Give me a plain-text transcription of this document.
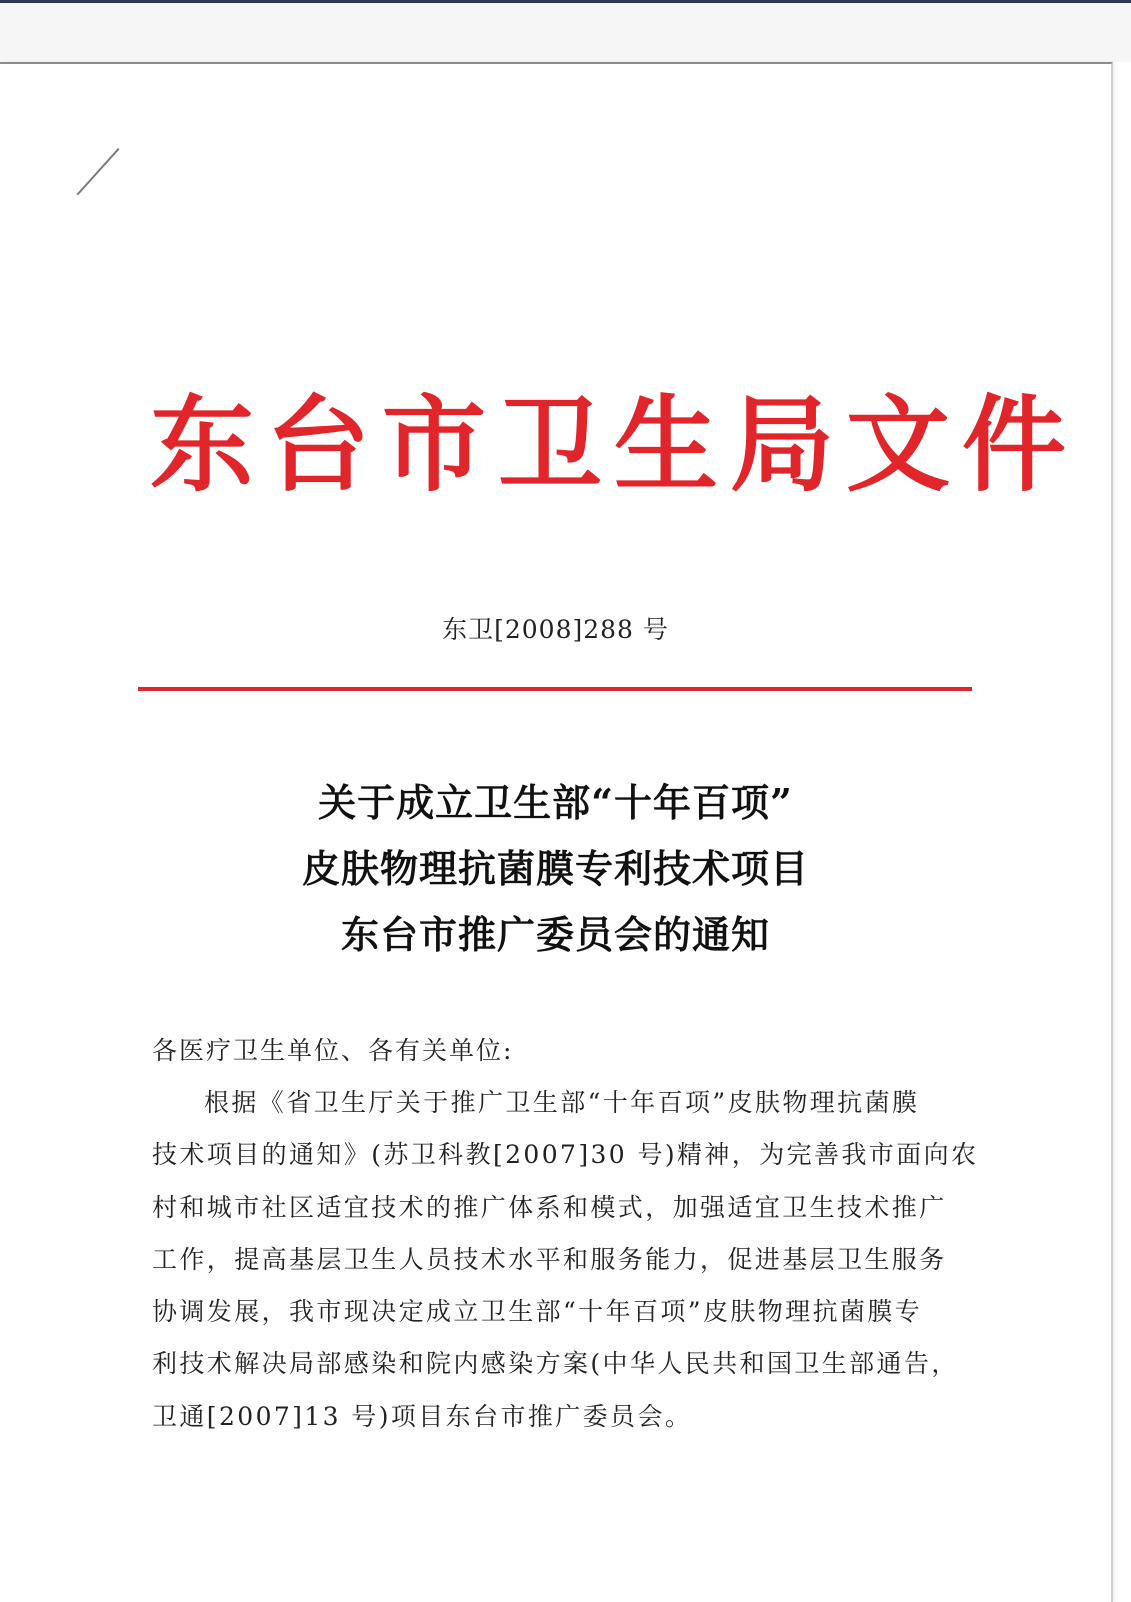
东台市卫生局文件
东卫[2008]288 号
关于成立卫生部“十年百项”
皮肤物理抗菌膜专利技术项目
东台市推广委员会的通知
各医疗卫生单位、各有关单位:
根据《省卫生厅关于推广卫生部“十年百项”皮肤物理抗菌膜
技术项目的通知》(苏卫科教[2007]30 号)精神，为完善我市面向农
村和城市社区适宜技术的推广体系和模式，加强适宜卫生技术推广
工作，提高基层卫生人员技术水平和服务能力，促进基层卫生服务
协调发展，我市现决定成立卫生部“十年百项”皮肤物理抗菌膜专
利技术解决局部感染和院内感染方案(中华人民共和国卫生部通告，
卫通[2007]13 号)项目东台市推广委员会。
